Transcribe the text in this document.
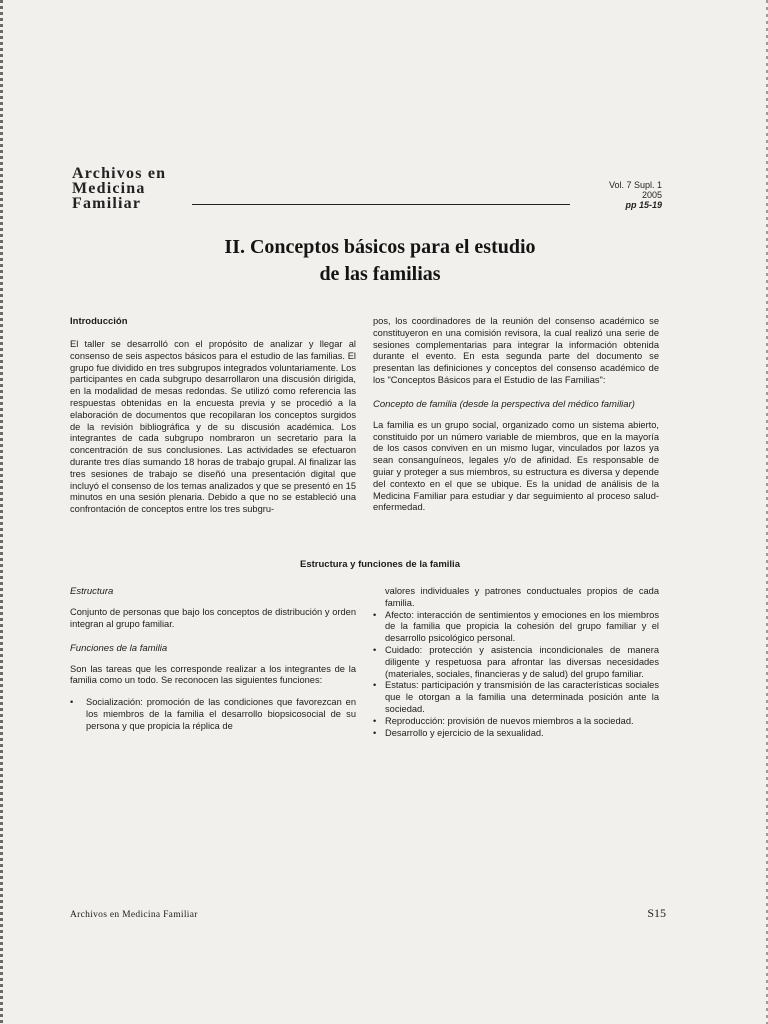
Archivos en
Medicina
Familiar
Vol. 7 Supl. 1
2005
pp 15-19
II. Conceptos básicos para el estudio
de las familias
Introducción

El taller se desarrolló con el propósito de analizar y llegar al consenso de seis aspectos básicos para el estudio de las familias. El grupo fue dividido en tres subgrupos integrados voluntariamente. Los participantes en cada subgrupo desarrollaron una discusión dirigida, en la modalidad de mesas redondas. Se utilizó como referencia las respuestas obtenidas en la encuesta previa y se procedió a la elaboración de documentos que recopilaran los conceptos surgidos de la revisión bibliográfica y de su discusión académica. Los integrantes de cada subgrupo nombraron un secretario para la concentración de sus conclusiones. Las actividades se efectuaron durante tres días sumando 18 horas de trabajo grupal. Al finalizar las tres sesiones de trabajo se diseñó una presentación digital que incluyó el consenso de los temas analizados y que se presentó en 15 minutos en una sesión plenaria. Debido a que no se estableció una confrontación de conceptos entre los tres subgru-

pos, los coordinadores de la reunión del consenso académico se constituyeron en una comisión revisora, la cual realizó una serie de sesiones complementarias para integrar la información obtenida durante el evento. En esta segunda parte del documento se presentan las definiciones y conceptos del consenso académico de los "Conceptos Básicos para el Estudio de las Familias":

Concepto de familia (desde la perspectiva del médico familiar)

La familia es un grupo social, organizado como un sistema abierto, constituido por un número variable de miembros, que en la mayoría de los casos conviven en un mismo lugar, vinculados por lazos ya sean consanguíneos, legales y/o de afinidad. Es responsable de guiar y proteger a sus miembros, su estructura es diversa y depende del contexto en el que se ubique. Es la unidad de análisis de la Medicina Familiar para estudiar y dar seguimiento al proceso salud-enfermedad.

Estructura y funciones de la familia
Estructura

Conjunto de personas que bajo los conceptos de distribución y orden integran al grupo familiar.

Funciones de la familia

Son las tareas que les corresponde realizar a los integrantes de la familia como un todo. Se reconocen las siguientes funciones:

• Socialización: promoción de las condiciones que favorezcan en los miembros de la familia el desarrollo biopsicosocial de su persona y que propicia la réplica de
valores individuales y patrones conductuales propios de cada familia.
• Afecto: interacción de sentimientos y emociones en los miembros de la familia que propicia la cohesión del grupo familiar y el desarrollo psicológico personal.
• Cuidado: protección y asistencia incondicionales de manera diligente y respetuosa para afrontar las diversas necesidades (materiales, sociales, financieras y de salud) del grupo familiar.
• Estatus: participación y transmisión de las características sociales que le otorgan a la familia una determinada posición ante la sociedad.
• Reproducción: provisión de nuevos miembros a la sociedad.
• Desarrollo y ejercicio de la sexualidad.
Archivos en Medicina Familiar	S15
